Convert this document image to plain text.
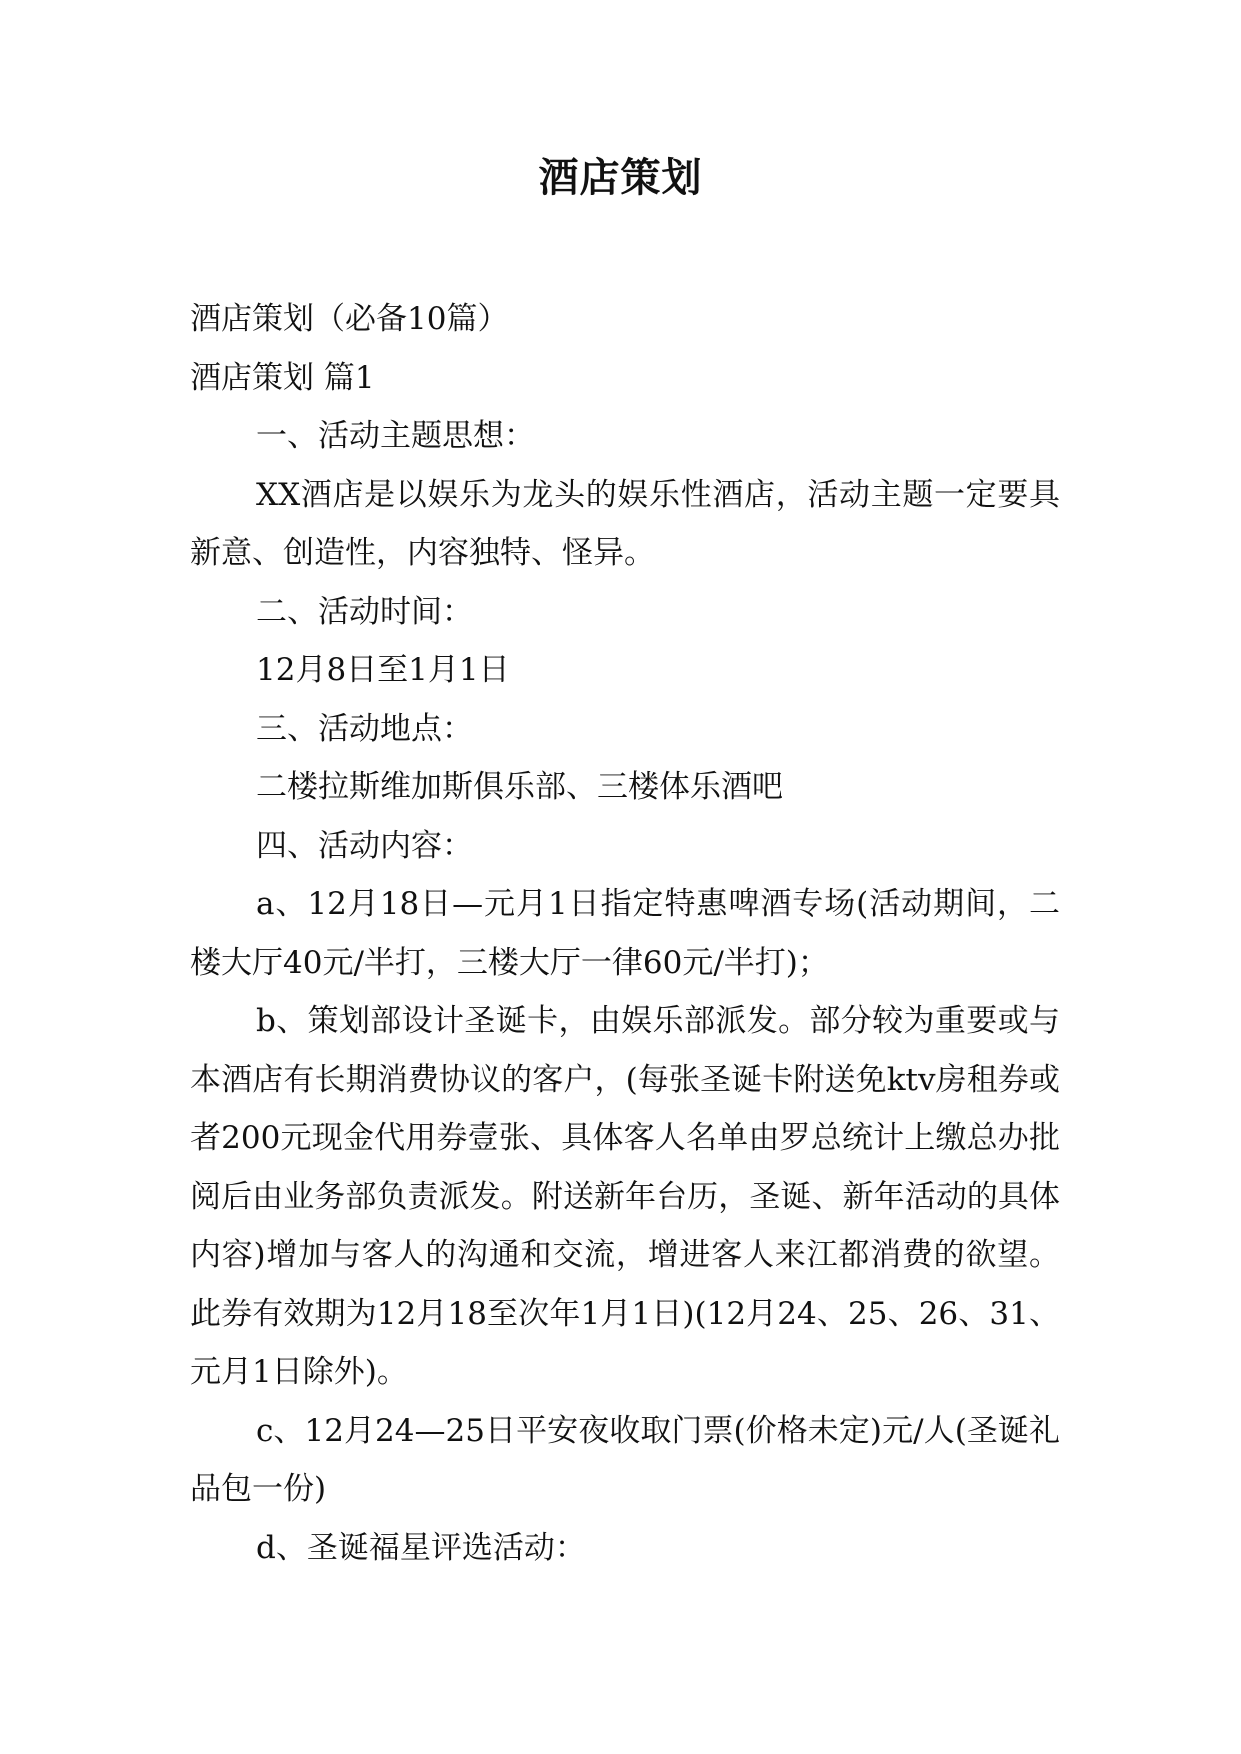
酒店策划

酒店策划（必备10篇）

酒店策划 篇1

一、活动主题思想：

XX酒店是以娱乐为龙头的娱乐性酒店，活动主题一定要具新意、创造性，内容独特、怪异。

二、活动时间：

12月8日至1月1日

三、活动地点：

二楼拉斯维加斯俱乐部、三楼体乐酒吧

四、活动内容：

a、12月18日—元月1日指定特惠啤酒专场(活动期间，二楼大厅40元/半打，三楼大厅一律60元/半打)；

b、策划部设计圣诞卡，由娱乐部派发。部分较为重要或与本酒店有长期消费协议的客户，(每张圣诞卡附送免ktv房租券或者200元现金代用券壹张、具体客人名单由罗总统计上缴总办批阅后由业务部负责派发。附送新年台历，圣诞、新年活动的具体内容)增加与客人的沟通和交流，增进客人来江都消费的欲望。此券有效期为12月18至次年1月1日)(12月24、25、26、31、元月1日除外)。

c、12月24—25日平安夜收取门票(价格未定)元/人(圣诞礼品包一份)

d、圣诞福星评选活动：
